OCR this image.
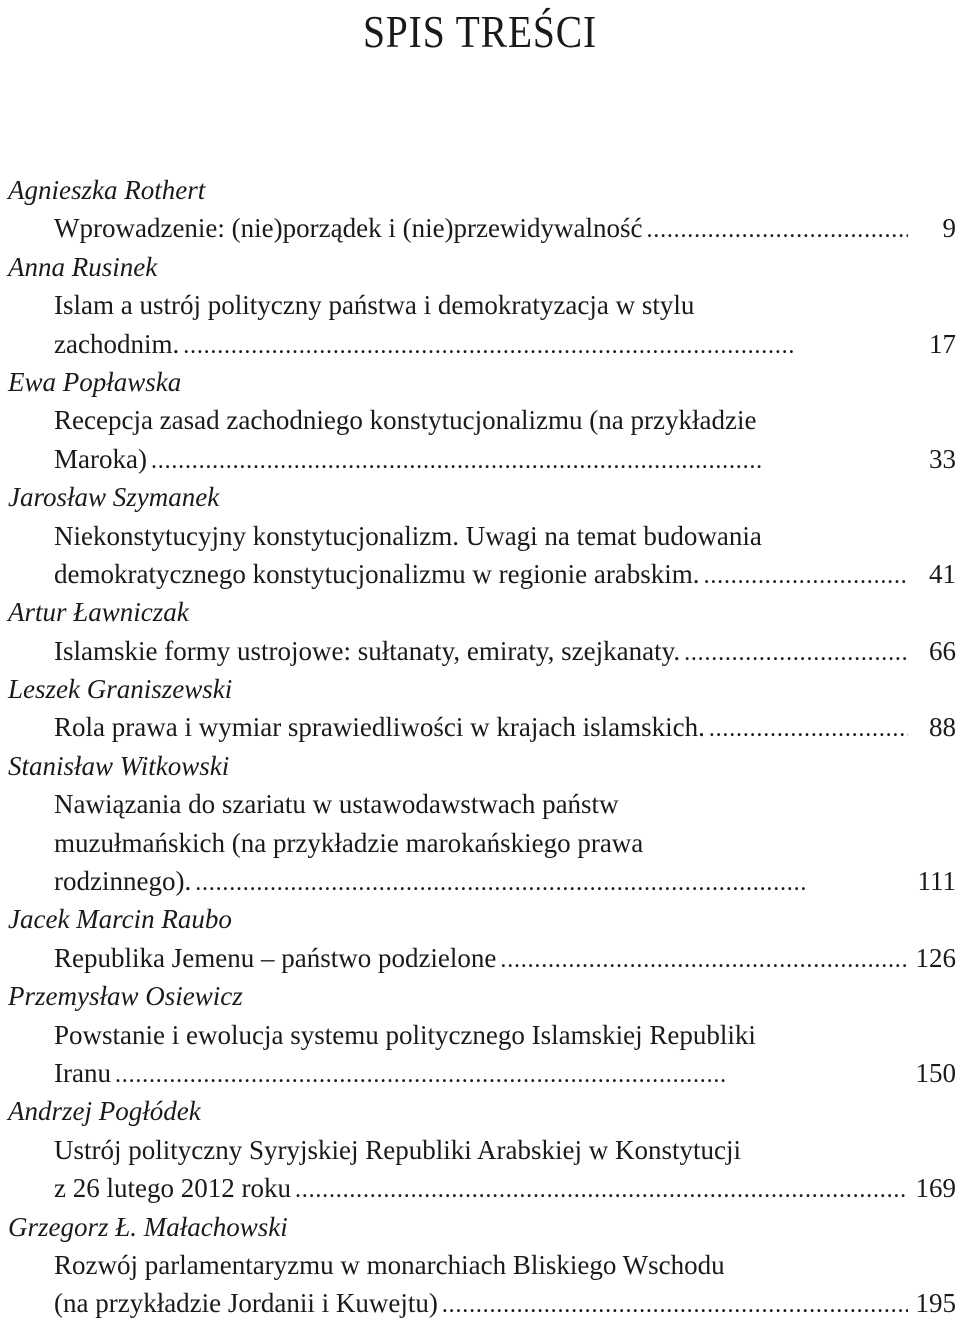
SPIS TREŚCI
Agnieszka Rothert
Wprowadzenie: (nie)porządek i (nie)przewidywalność . . .	9
Anna Rusinek
Islam a ustrój polityczny państwa i demokratyzacja w stylu
zachodnim. . . .	17
Ewa Popławska
Recepcja zasad zachodniego konstytucjonalizmu (na przykładzie
Maroka) . . .	33
Jarosław Szymanek
Niekonstytucyjny konstytucjonalizm. Uwagi na temat budowania
demokratycznego konstytucjonalizmu w regionie arabskim. . . .	41
Artur Ławniczak
Islamskie formy ustrojowe: sułtanaty, emiraty, szejkanaty. . . .	66
Leszek Graniszewski
Rola prawa i wymiar sprawiedliwości w krajach islamskich. . . .	88
Stanisław Witkowski
Nawiązania do szariatu w ustawodawstwach państw
muzułmańskich (na przykładzie marokańskiego prawa
rodzinnego). . . .	111
Jacek Marcin Raubo
Republika Jemenu – państwo podzielone . . .	126
Przemysław Osiewicz
Powstanie i ewolucja systemu politycznego Islamskiej Republiki
Iranu . . .	150
Andrzej Pogłódek
Ustrój polityczny Syryjskiej Republiki Arabskiej w Konstytucji
z 26 lutego 2012 roku . . .	169
Grzegorz Ł. Małachowski
Rozwój parlamentaryzmu w monarchiach Bliskiego Wschodu
(na przykładzie Jordanii i Kuwejtu) . . .	195
